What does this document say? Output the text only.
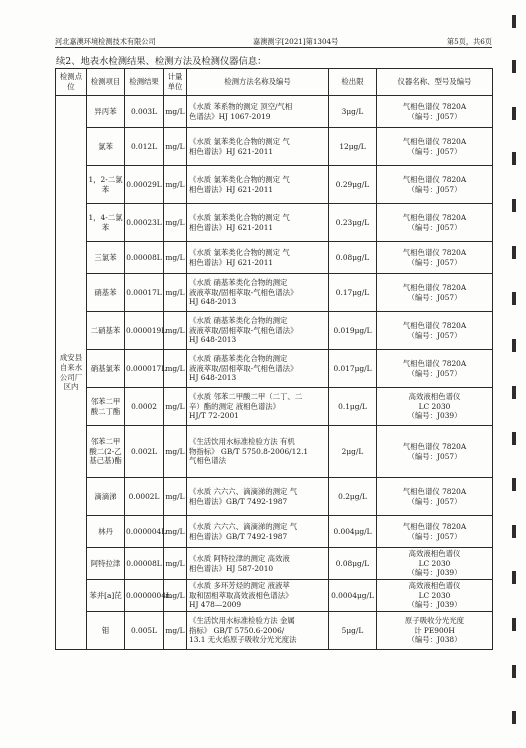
河北嘉澳环境检测技术有限公司	嘉澳测字[2021]第1304号	第5页，共6页
续2、地表水检测结果、检测方法及检测仪器信息：
检测点位	检测项目	检测结果	计量单位	检测方法名称及编号	检出限	仪器名称、型号及编号
成安县自来水公司厂区内	异丙苯	0.003L	mg/L	《水质 苯系物的测定 顶空/气相
色谱法》HJ 1067-2019	3μg/L	气相色谱仪 7820A
（编号：J057）

	氯苯	0.012L	mg/L	《水质 氯苯类化合物的测定 气
相色谱法》HJ 621-2011	12μg/L	气相色谱仪 7820A
（编号：J057）

	1，2-二氯苯	0.00029L	mg/L	《水质 氯苯类化合物的测定 气
相色谱法》HJ 621-2011	0.29μg/L	气相色谱仪 7820A
（编号：J057）

	1，4-二氯苯	0.00023L	mg/L	《水质 氯苯类化合物的测定 气
相色谱法》HJ 621-2011	0.23μg/L	气相色谱仪 7820A
（编号：J057）

	三氯苯	0.00008L	mg/L	《水质 氯苯类化合物的测定 气
相色谱法》HJ 621-2011	0.08μg/L	气相色谱仪 7820A
（编号：J057）

	硝基苯	0.00017L	mg/L	《水质 硝基苯类化合物的测定
液液萃取/固相萃取-气相色谱法》
HJ 648-2013	0.17μg/L	气相色谱仪 7820A
（编号：J057）

	二硝基苯	0.000019L	mg/L	《水质 硝基苯类化合物的测定
液液萃取/固相萃取-气相色谱法》
HJ 648-2013	0.019μg/L	气相色谱仪 7820A
（编号：J057）

	硝基氯苯	0.000017L	mg/L	《水质 硝基苯类化合物的测定
液液萃取/固相萃取-气相色谱法》
HJ 648-2013	0.017μg/L	气相色谱仪 7820A
（编号：J057）

	邻苯二甲酸二丁酯	0.0002	mg/L	《水质 邻苯二甲酸二甲（二丁、二
辛）酯的测定 液相色谱法》
HJ/T 72-2001	0.1μg/L	高效液相色谱仪
LC 2030
（编号：J039）

	邻苯二甲酸二(2-乙基己基)酯	0.002L	mg/L	《生活饮用水标准检验方法 有机
物指标》 GB/T 5750.8-2006/12.1
气相色谱法	2μg/L	气相色谱仪 7820A
（编号：J057）

	滴滴涕	0.0002L	mg/L	《水质 六六六、滴滴涕的测定 气
相色谱法》GB/T 7492-1987	0.2μg/L	气相色谱仪 7820A
（编号：J057）

	林丹	0.000004L	mg/L	《水质 六六六、滴滴涕的测定 气
相色谱法》GB/T 7492-1987	0.004μg/L	气相色谱仪 7820A
（编号：J057）

	阿特拉津	0.00008L	mg/L	《水质 阿特拉津的测定 高效液
相色谱法》HJ 587-2010	0.08μg/L	高效液相色谱仪
LC 2030
（编号：J039）

	苯并[a]芘	0.0000004L	mg/L	《水质 多环芳烃的测定 液液萃
取和固相萃取高效液相色谱法》
HJ 478—2009	0.0004μg/L	高效液相色谱仪
LC 2030
（编号：J039）

	钼	0.005L	mg/L	《生活饮用水标准检验方法 金属
指标》 GB/T 5750.6-2006/
13.1 无火焰原子吸收分光光度法	5μg/L	原子吸收分光光度
计 PE900H
（编号：J038）
